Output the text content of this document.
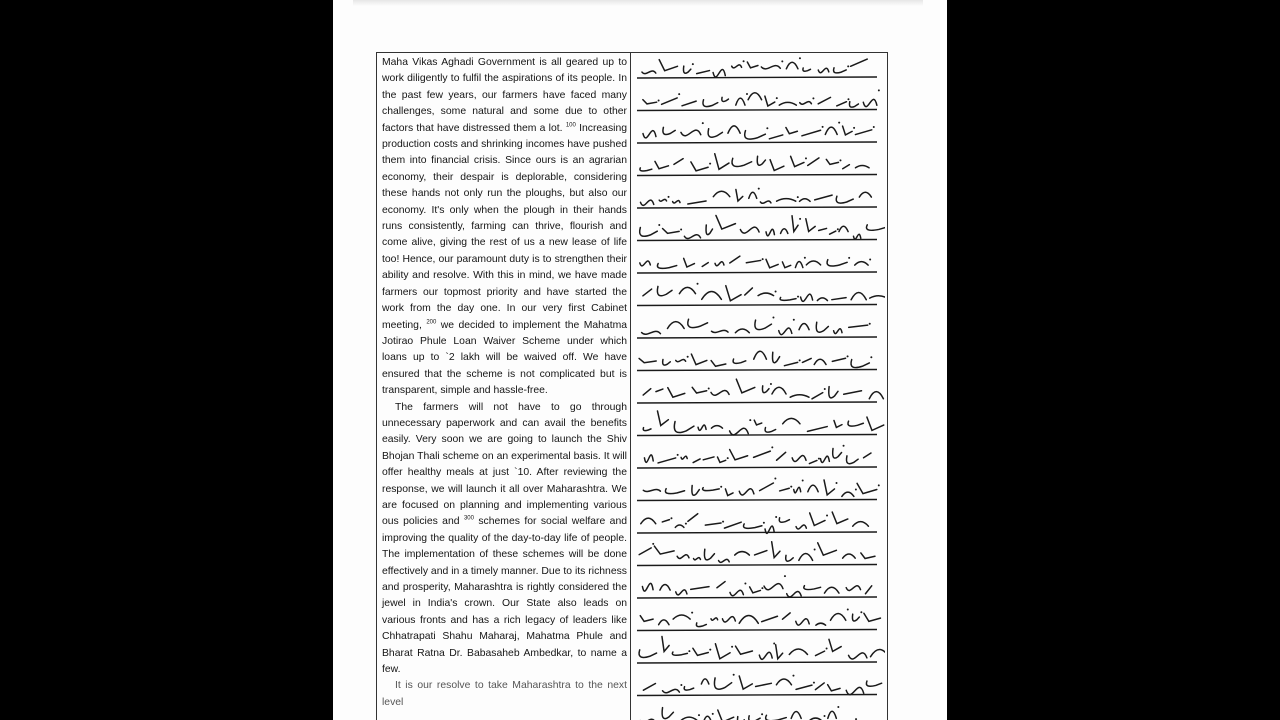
Maha Vikas Aghadi Government is all geared up to work diligently to fulfil the aspirations of its people. In the past few years, our farmers have faced many challenges, some natural and some due to other factors that have distressed them a lot. $^{100}$ Increasing production costs and shrinking incomes have pushed them into financial crisis. Since ours is an agrarian economy, their despair is deplorable, considering these hands not only run the ploughs, but also our economy. It's only when the plough in their hands runs consistently, farming can thrive, flourish and come alive, giving the rest of us a new lease of life too! Hence, our paramount duty is to strengthen their ability and resolve. With this in mind, we have made farmers our topmost priority and have started the work from the day one. In our very first Cabinet meeting, $^{200}$ we decided to implement the Mahatma Jotirao Phule Loan Waiver Scheme under which loans up to `2 lakh will be waived off. We have ensured that the scheme is not complicated but is transparent, simple and hassle-free.

The farmers will not have to go through unnecessary paperwork and can avail the benefits easily. Very soon we are going to launch the Shiv Bhojan Thali scheme on an experimental basis. It will offer healthy meals at just `10. After reviewing the response, we will launch it all over Maharashtra. We are focused on planning and implementing various ous policies and $^{300}$ schemes for social welfare and improving the quality of the day-to-day life of people. The implementation of these schemes will be done effectively and in a timely manner. Due to its richness and prosperity, Maharashtra is rightly considered the jewel in India's crown. Our State also leads on various fronts and has a rich legacy of leaders like Chhatrapati Shahu Maharaj, Mahatma Phule and Bharat Ratna Dr. Babasaheb Ambedkar, to name a few.

It is our resolve to take Maharashtra to the next level
